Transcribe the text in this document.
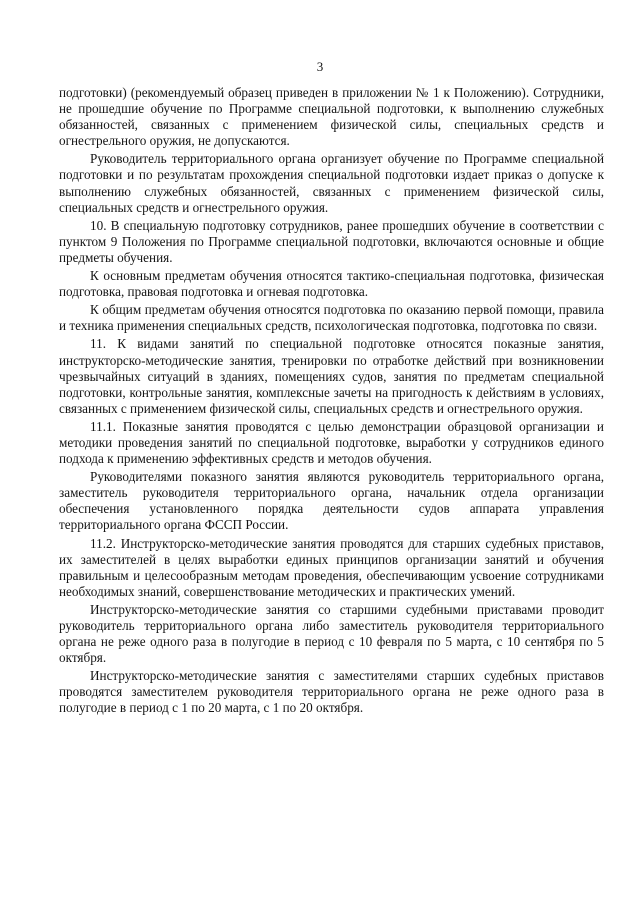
3

подготовки) (рекомендуемый образец приведен в приложении № 1 к Положению). Сотрудники, не прошедшие обучение по Программе специальной подготовки, к выполнению служебных обязанностей, связанных с применением физической силы, специальных средств и огнестрельного оружия, не допускаются.

Руководитель территориального органа организует обучение по Программе специальной подготовки и по результатам прохождения специальной подготовки издает приказ о допуске к выполнению служебных обязанностей, связанных с применением физической силы, специальных средств и огнестрельного оружия.

10. В специальную подготовку сотрудников, ранее прошедших обучение в соответствии с пунктом 9 Положения по Программе специальной подготовки, включаются основные и общие предметы обучения.

К основным предметам обучения относятся тактико-специальная подготовка, физическая подготовка, правовая подготовка и огневая подготовка.

К общим предметам обучения относятся подготовка по оказанию первой помощи, правила и техника применения специальных средств, психологическая подготовка, подготовка по связи.

11. К видами занятий по специальной подготовке относятся показные занятия, инструкторско-методические занятия, тренировки по отработке действий при возникновении чрезвычайных ситуаций в зданиях, помещениях судов, занятия по предметам специальной подготовки, контрольные занятия, комплексные зачеты на пригодность к действиям в условиях, связанных с применением физической силы, специальных средств и огнестрельного оружия.

11.1. Показные занятия проводятся с целью демонстрации образцовой организации и методики проведения занятий по специальной подготовке, выработки у сотрудников единого подхода к применению эффективных средств и методов обучения.

Руководителями показного занятия являются руководитель территориального органа, заместитель руководителя территориального органа, начальник отдела организации обеспечения установленного порядка деятельности судов аппарата управления территориального органа ФССП России.

11.2. Инструкторско-методические занятия проводятся для старших судебных приставов, их заместителей в целях выработки единых принципов организации занятий и обучения правильным и целесообразным методам проведения, обеспечивающим усвоение сотрудниками необходимых знаний, совершенствование методических и практических умений.

Инструкторско-методические занятия со старшими судебными приставами проводит руководитель территориального органа либо заместитель руководителя территориального органа не реже одного раза в полугодие в период с 10 февраля по 5 марта, с 10 сентября по 5 октября.

Инструкторско-методические занятия с заместителями старших судебных приставов проводятся заместителем руководителя территориального органа не реже одного раза в полугодие в период с 1 по 20 марта, с 1 по 20 октября.
